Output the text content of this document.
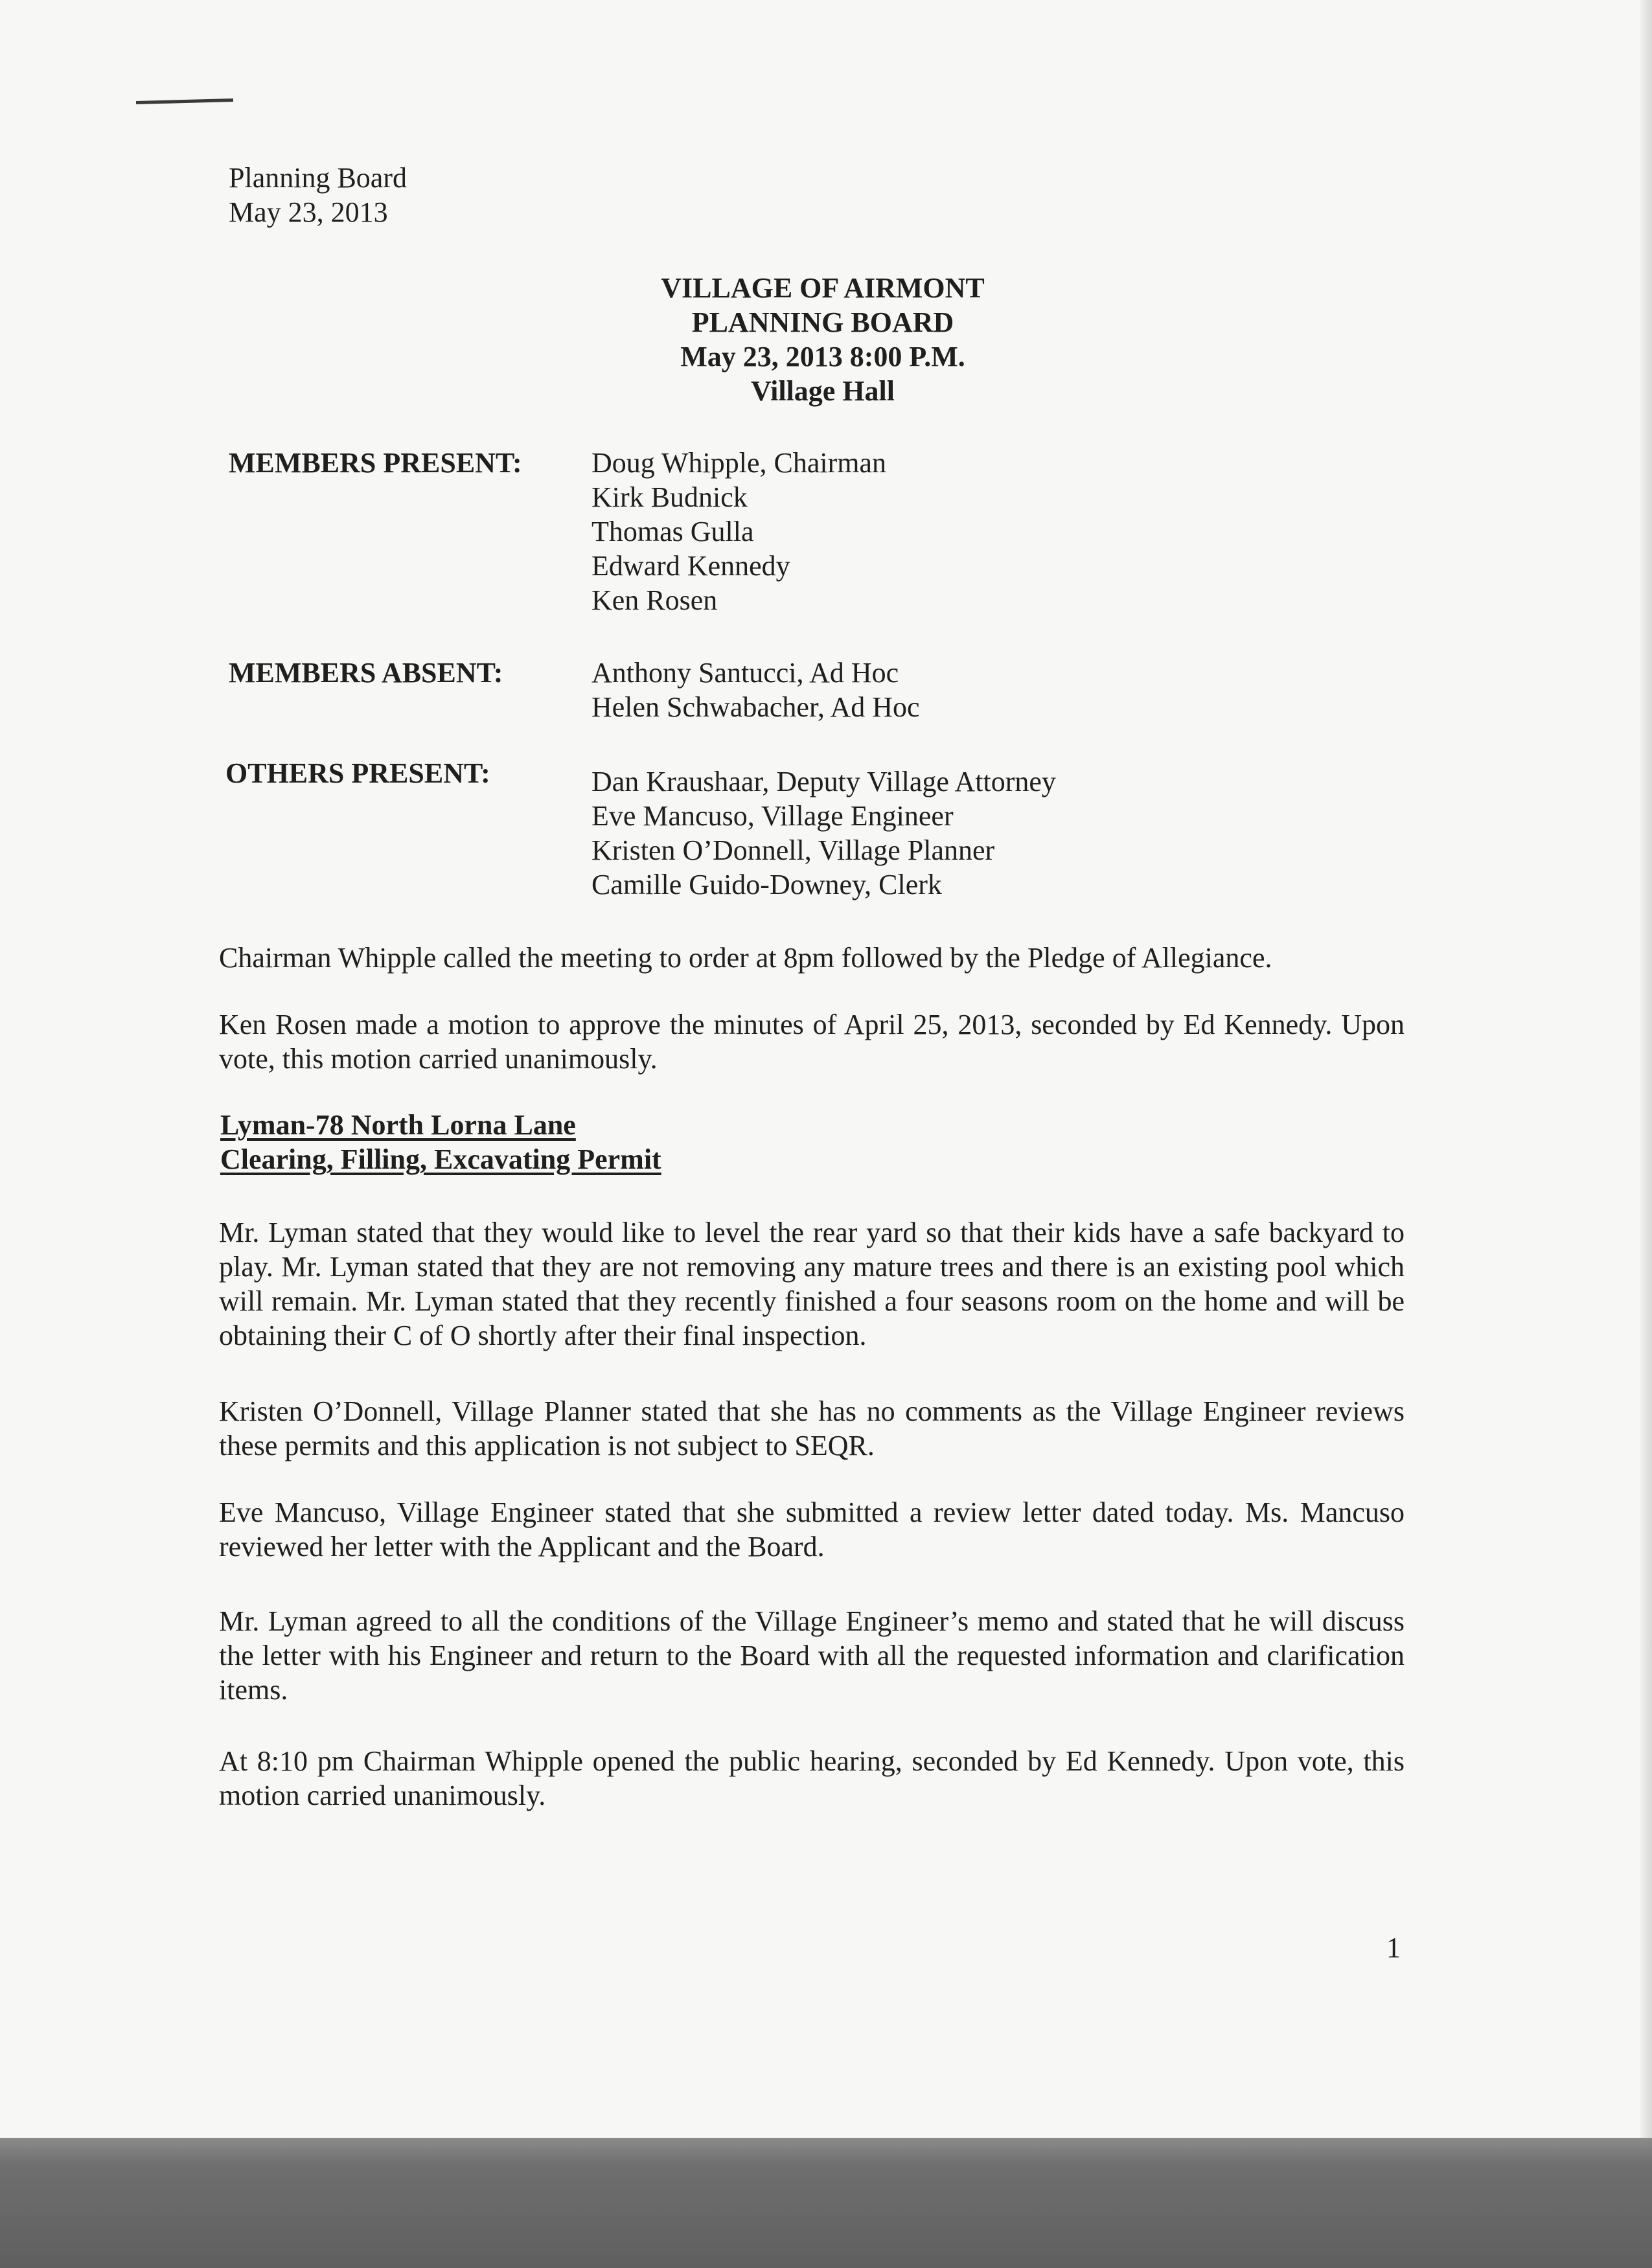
Planning Board
May 23, 2013
VILLAGE OF AIRMONT
PLANNING BOARD
May 23, 2013 8:00 P.M.
Village Hall
MEMBERS PRESENT: Doug Whipple, Chairman
Kirk Budnick
Thomas Gulla
Edward Kennedy
Ken Rosen
MEMBERS ABSENT:	Anthony Santucci, Ad Hoc
Helen Schwabacher, Ad Hoc
OTHERS PRESENT:	Dan Kraushaar, Deputy Village Attorney
Eve Mancuso, Village Engineer
Kristen O’Donnell, Village Planner
Camille Guido-Downey, Clerk
Chairman Whipple called the meeting to order at 8pm followed by the Pledge of Allegiance.
Ken Rosen made a motion to approve the minutes of April 25, 2013, seconded by Ed Kennedy. Upon vote, this motion carried unanimously.
Lyman-78 North Lorna Lane
Clearing, Filling, Excavating Permit
Mr. Lyman stated that they would like to level the rear yard so that their kids have a safe backyard to play. Mr. Lyman stated that they are not removing any mature trees and there is an existing pool which will remain. Mr. Lyman stated that they recently finished a four seasons room on the home and will be obtaining their C of O shortly after their final inspection.
Kristen O’Donnell, Village Planner stated that she has no comments as the Village Engineer reviews these permits and this application is not subject to SEQR.
Eve Mancuso, Village Engineer stated that she submitted a review letter dated today. Ms. Mancuso reviewed her letter with the Applicant and the Board.
Mr. Lyman agreed to all the conditions of the Village Engineer’s memo and stated that he will discuss the letter with his Engineer and return to the Board with all the requested information and clarification items.
At 8:10 pm Chairman Whipple opened the public hearing, seconded by Ed Kennedy. Upon vote, this motion carried unanimously.
1
